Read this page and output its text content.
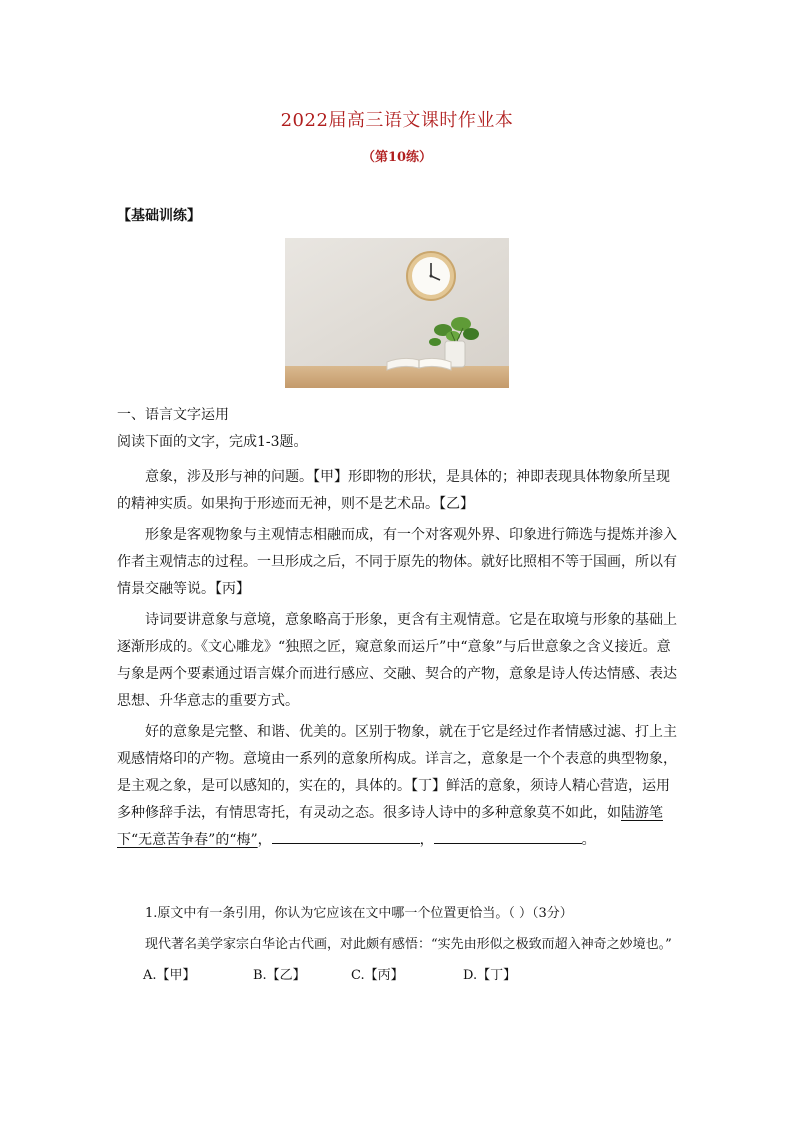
2022届高三语文课时作业本
（第10练）
【基础训练】

一、语言文字运用

阅读下面的文字，完成1-3题。

意象，涉及形与神的问题。【甲】形即物的形状，是具体的；神即表现具体物象所呈现的精神实质。如果拘于形迹而无神，则不是艺术品。【乙】

形象是客观物象与主观情志相融而成，有一个对客观外界、印象进行筛选与提炼并渗入作者主观情志的过程。一旦形成之后，不同于原先的物体。就好比照相不等于国画，所以有情景交融等说。【丙】

诗词要讲意象与意境，意象略高于形象，更含有主观情意。它是在取境与形象的基础上逐渐形成的。《文心雕龙》“独照之匠，窥意象而运斤”中“意象”与后世意象之含义接近。意与象是两个要素通过语言媒介而进行感应、交融、契合的产物，意象是诗人传达情感、表达思想、升华意志的重要方式。

好的意象是完整、和谐、优美的。区别于物象，就在于它是经过作者情感过滤、打上主观感情烙印的产物。意境由一系列的意象所构成。详言之，意象是一个个表意的典型物象，是主观之象，是可以感知的，实在的，具体的。【丁】鲜活的意象，须诗人精心营造，运用多种修辞手法，有情思寄托，有灵动之态。很多诗人诗中的多种意象莫不如此，如陆游笔下“无意苦争春”的“梅”，	，	。

1.原文中有一条引用，你认为它应该在文中哪一个位置更恰当。（ ）（3分）

现代著名美学家宗白华论古代画，对此颇有感悟：“实先由形似之极致而超入神奇之妙境也。”

A.【甲】	B.【乙】	C.【丙】	D.【丁】
